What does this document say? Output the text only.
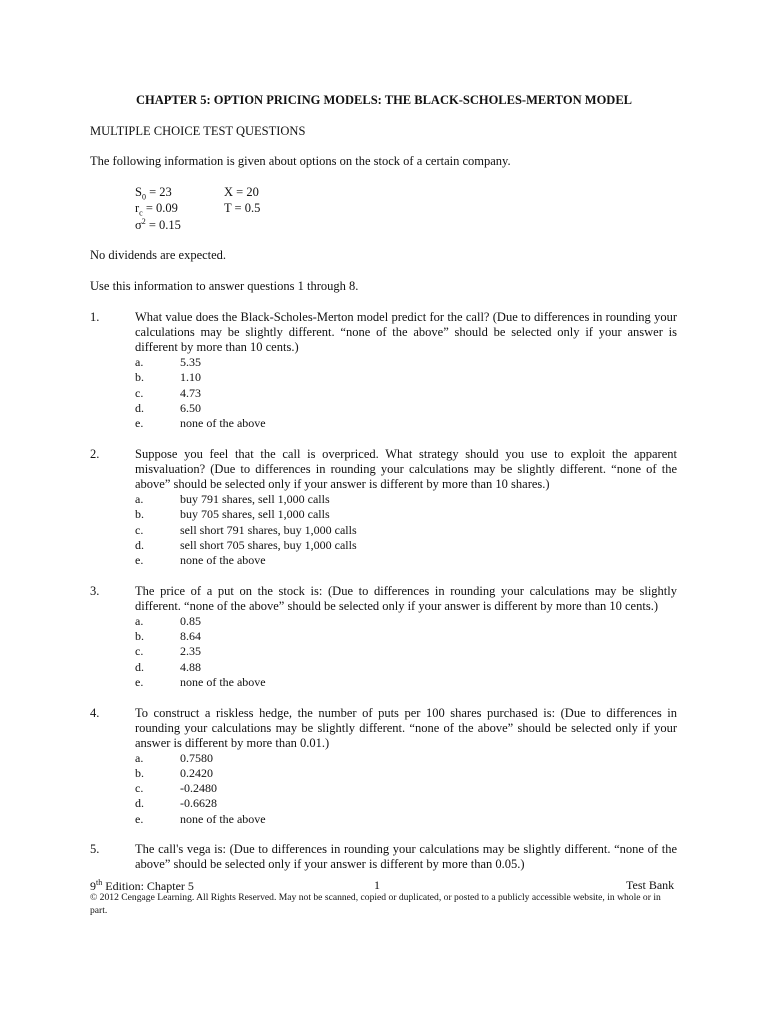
CHAPTER 5: OPTION PRICING MODELS: THE BLACK-SCHOLES-MERTON MODEL
MULTIPLE CHOICE TEST QUESTIONS
The following information is given about options on the stock of a certain company.
$S_0 = 23$	X = 20
$r_c = 0.09$	T = 0.5
$\sigma^2 = 0.15$
No dividends are expected.
Use this information to answer questions 1 through 8.
1.	What value does the Black-Scholes-Merton model predict for the call? (Due to differences in rounding your calculations may be slightly different. “none of the above” should be selected only if your answer is different by more than 10 cents.)
a.	5.35
b.	1.10
c.	4.73
d.	6.50
e.	none of the above
2.	Suppose you feel that the call is overpriced. What strategy should you use to exploit the apparent misvaluation? (Due to differences in rounding your calculations may be slightly different. “none of the above” should be selected only if your answer is different by more than 10 shares.)
a.	buy 791 shares, sell 1,000 calls
b.	buy 705 shares, sell 1,000 calls
c.	sell short 791 shares, buy 1,000 calls
d.	sell short 705 shares, buy 1,000 calls
e.	none of the above
3.	The price of a put on the stock is: (Due to differences in rounding your calculations may be slightly different. “none of the above” should be selected only if your answer is different by more than 10 cents.)
a.	0.85
b.	8.64
c.	2.35
d.	4.88
e.	none of the above
4.	To construct a riskless hedge, the number of puts per 100 shares purchased is: (Due to differences in rounding your calculations may be slightly different. “none of the above” should be selected only if your answer is different by more than 0.01.)
a.	0.7580
b.	0.2420
c.	-0.2480
d.	-0.6628
e.	none of the above
5.	The call's vega is: (Due to differences in rounding your calculations may be slightly different. “none of the above” should be selected only if your answer is different by more than 0.05.)
9th Edition: Chapter 5	1	Test Bank
© 2012 Cengage Learning. All Rights Reserved. May not be scanned, copied or duplicated, or posted to a publicly accessible website, in whole or in part.
